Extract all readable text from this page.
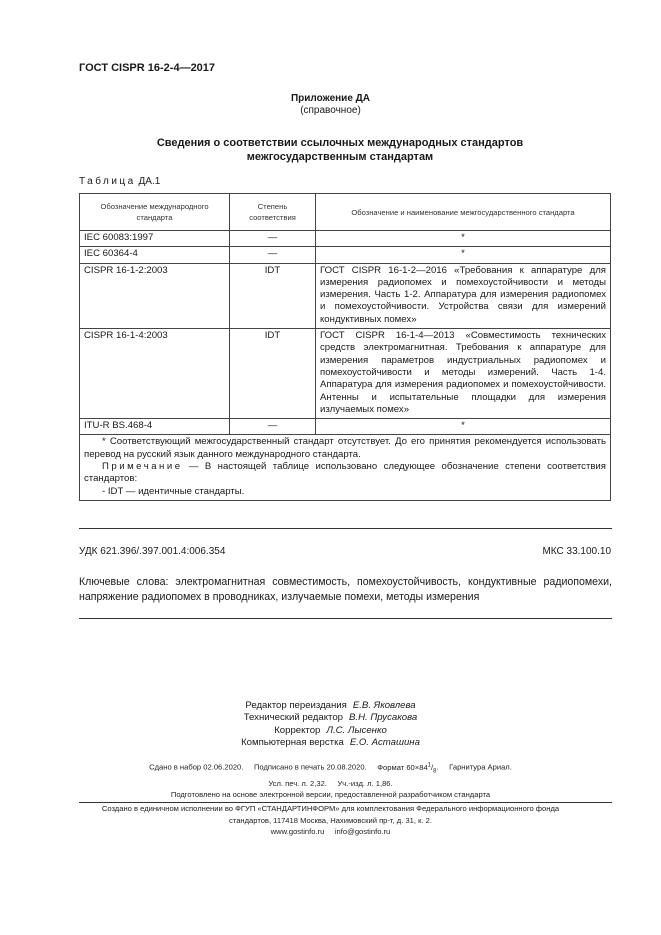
ГОСТ CISPR 16-2-4—2017
Приложение ДА
(справочное)
Сведения о соответствии ссылочных международных стандартов
межгосударственным стандартам
Таблица ДА.1
Обозначение международного стандарта	Степень соответствия	Обозначение и наименование межгосударственного стандарта
IEC 60083:1997	—	*
IEC 60364-4	—	*
CISPR 16-1-2:2003	IDT	ГОСТ CISPR 16-1-2—2016 «Требования к аппаратуре для измерения радиопомех и помехоустойчивости и методы измерения. Часть 1-2. Аппаратура для измерения радиопомех и помехоустойчивости. Устройства связи для измерений кондуктивных помех»
CISPR 16-1-4:2003	IDT	ГОСТ CISPR 16-1-4—2013 «Совместимость технических средств электромагнитная. Требования к аппаратуре для измерения параметров индустриальных радиопомех и помехоустойчивости и методы измерений. Часть 1-4. Аппаратура для измерения радиопомех и помехоустойчивости. Антенны и испытательные площадки для измерения излучаемых помех»
ITU-R BS.468-4	—	*

* Соответствующий межгосударственный стандарт отсутствует. До его принятия рекомендуется использовать перевод на русский язык данного международного стандарта.
Примечание — В настоящей таблице использовано следующее обозначение степени соответствия стандартов:
- IDT — идентичные стандарты.		
УДК 621.396/.397.001.4:006.354	МКС 33.100.10
Ключевые слова: электромагнитная совместимость, помехоустойчивость, кондуктивные радиопомехи, напряжение радиопомех в проводниках, излучаемые помехи, методы измерения
Редактор переиздания Е.В. Яковлева
Технический редактор В.Н. Прусакова
Корректор Л.С. Лысенко
Компьютерная верстка Е.О. Асташина
Сдано в набор 02.06.2020. Подписано в печать 20.08.2020. Формат $60\times 84^1/_8$.     Гарнитура Ариал.
Усл. печ. л. 2,32. Уч.-изд. л. 1,86.
Подготовлено на основе электронной версии, предоставленной разработчиком стандарта
Создано в единичном исполнении во ФГУП «СТАНДАРТИНФОРМ» для комплектования Федерального информационного фонда
стандартов, 117418 Москва, Нахимовский пр-т, д. 31, к. 2.
www.gostinfo.ru info@gostinfo.ru
